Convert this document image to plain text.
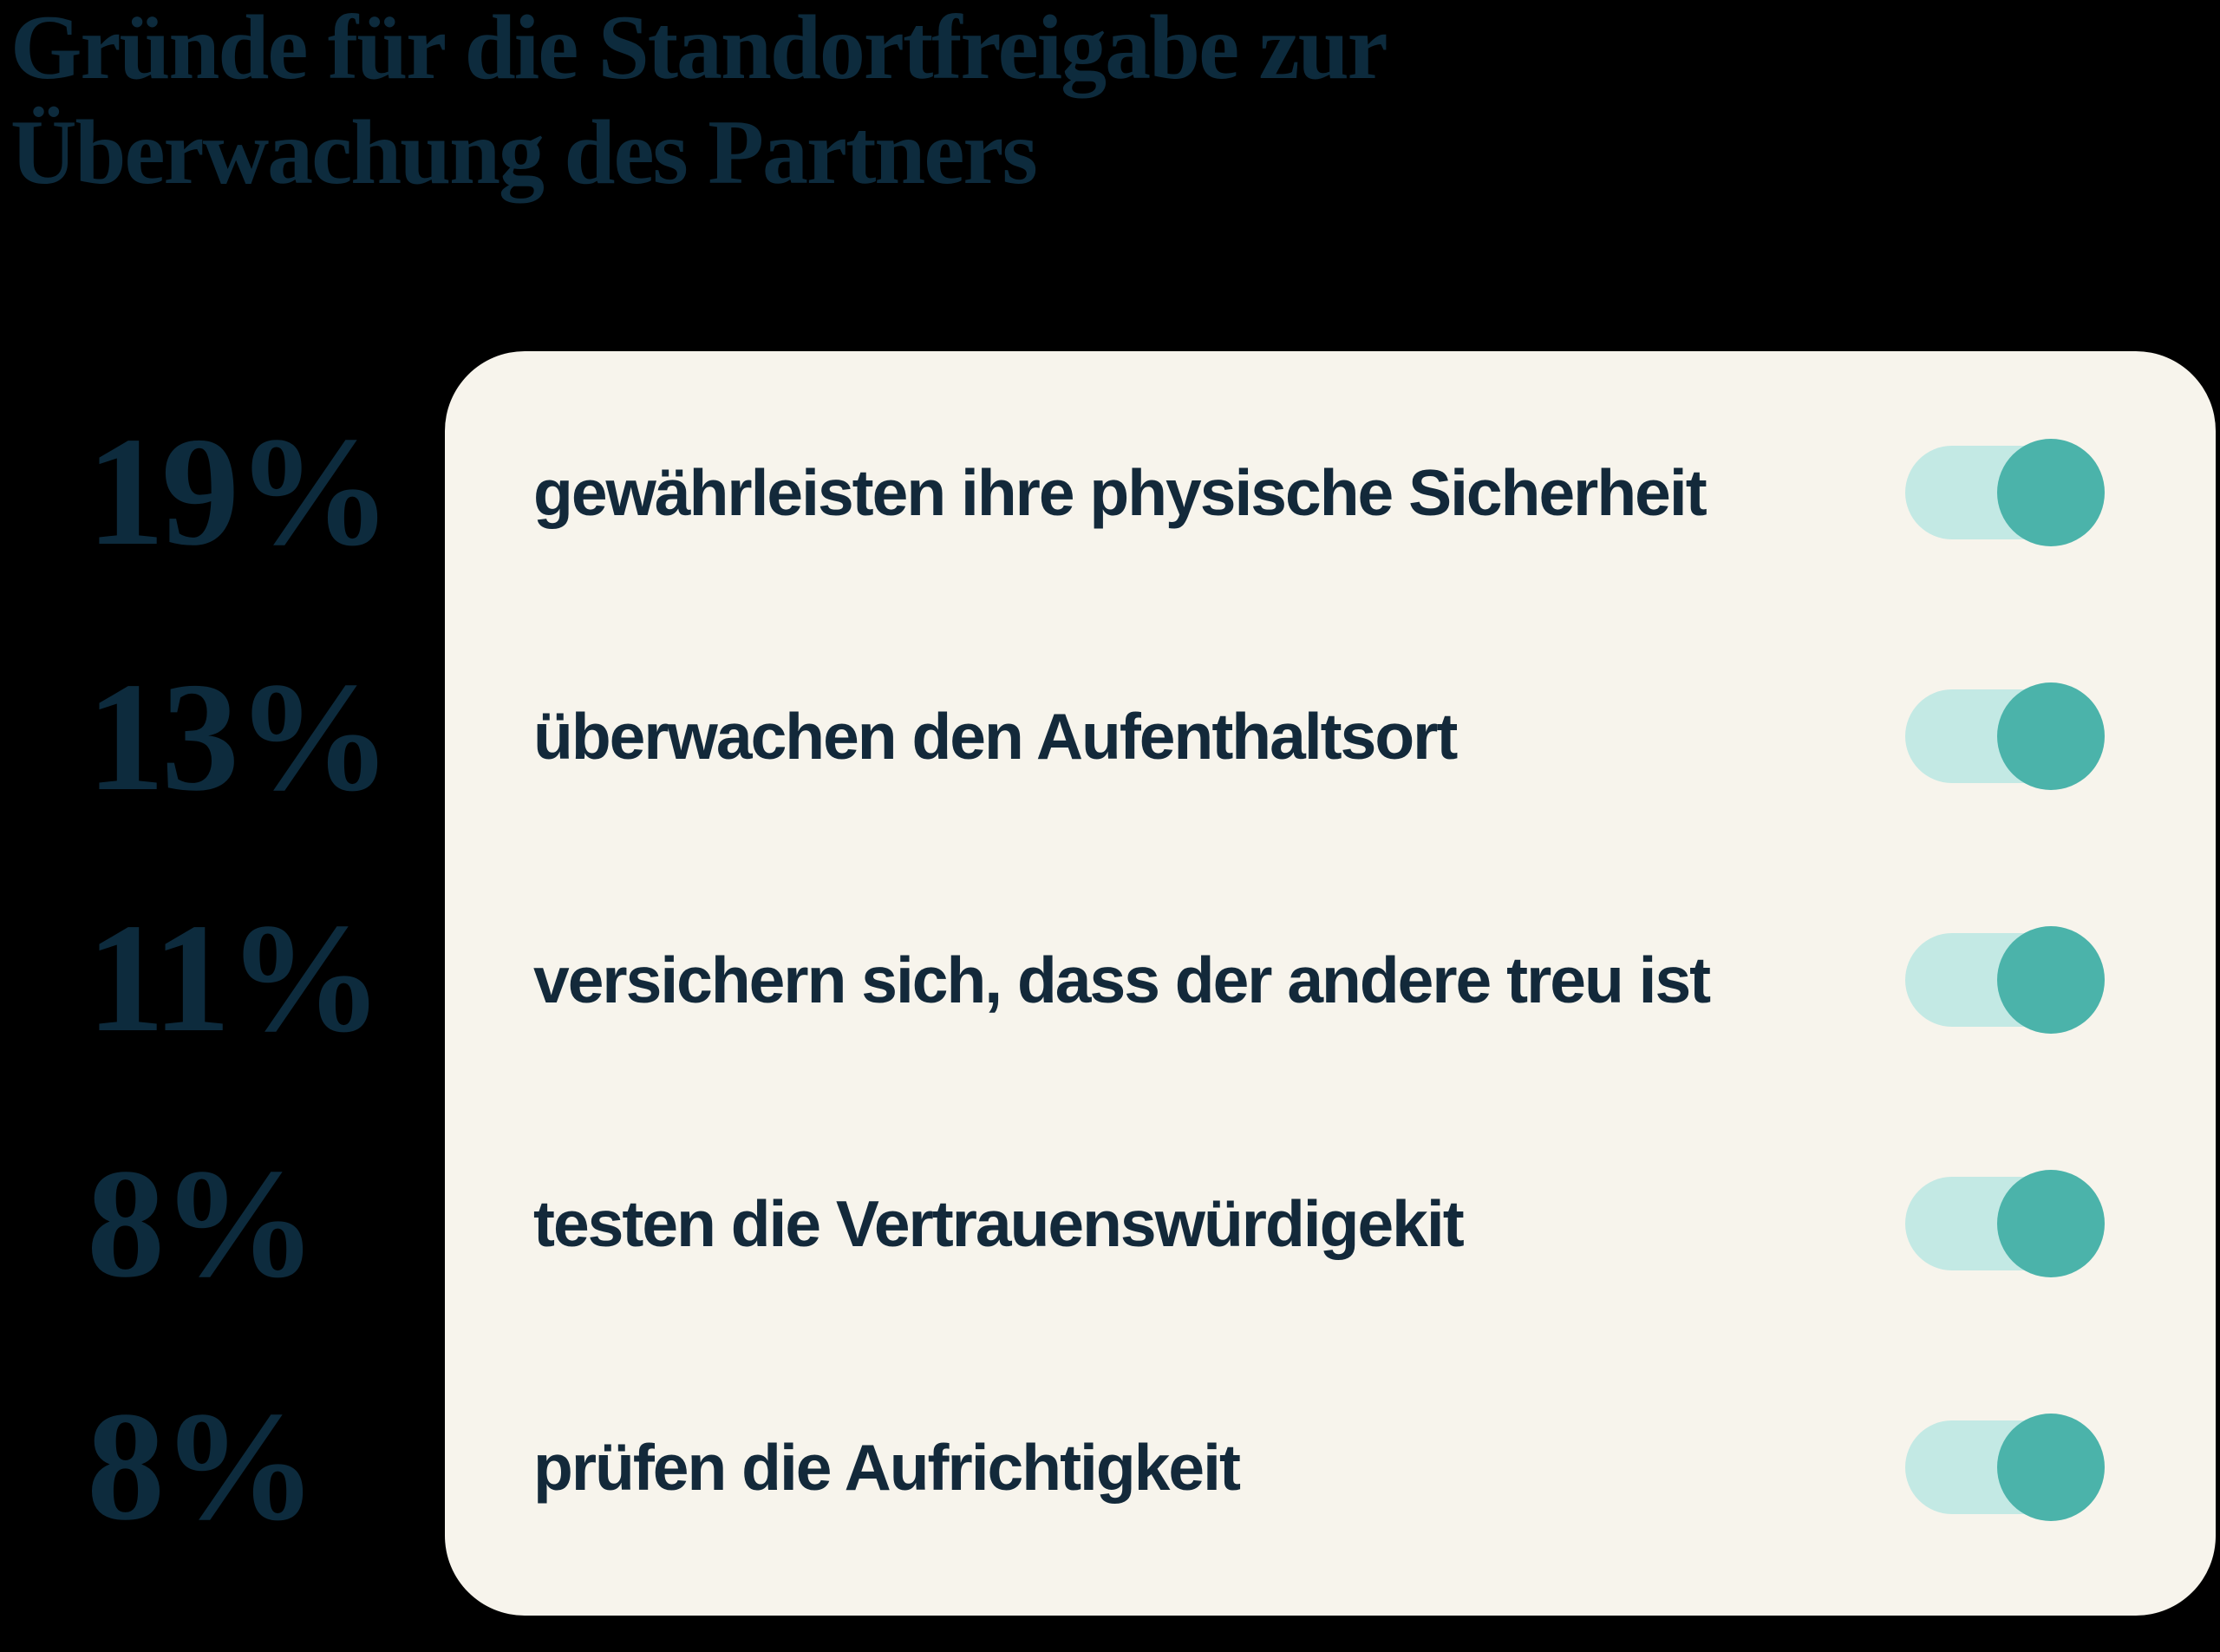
Gründe für die Standortfreigabe zur
Überwachung des Partners
19%
13%
11%
8%
8%
gewährleisten ihre physische Sicherheit
überwachen den Aufenthaltsort
versichern sich, dass der andere treu ist
testen die Vertrauenswürdigekit
prüfen die Aufrichtigkeit
